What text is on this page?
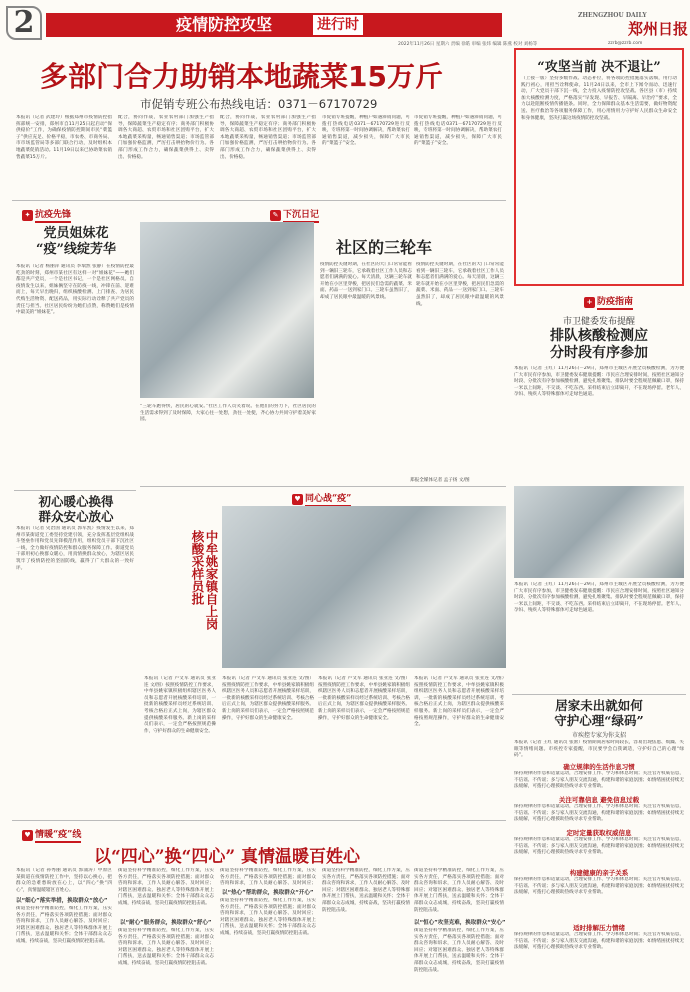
2	疫情防控攻坚	进行时
2022年11月26日 星期六 责编 徐皓 审编 张炜 编辑 陈燕 校对 刘杨等
ZHENGZHOU DAILY
郑州日报
zzrb@zzrb.com
多部门合力助销本地蔬菜15万斤
市促销专班公布热线电话：0371－67170729
本报讯（记者 武建玲）根据郑州市疫情防控指挥部统一安排，郑州市自11月25日起启动“保供稳价”工作，为确保疫情防控期间市民“菜篮子”供应充足、价格平稳，市农委、市商务局、市市场监管局等多部门联合行动，及时组织本地蔬菜促销活动。11月19日以来已协助菜农销售蔬菜15万斤。
配合，协同作战，农业农村部门加强生产指导，保障蔬菜生产稳定有序；商务部门积极协调各大商超、农贸市场和社区团购平台，扩大本地蔬菜采购量，畅通销售渠道；市场监管部门加强价格监测，严厉打击哄抬物价行为。各部门形成工作合力，确保蔬菜供得上、卖得出、价格稳。
配合，协同作战，农业农村部门加强生产指导，保障蔬菜生产稳定有序；商务部门积极协调各大商超、农贸市场和社区团购平台，扩大本地蔬菜采购量，畅通销售渠道；市场监管部门加强价格监测，严厉打击哄抬物价行为。各部门形成工作合力，确保蔬菜供得上、卖得出、价格稳。
市促销专班提醒，种植户如遇滞销问题，可拨打热线电话0371－67170729进行反映，专班将第一时间协调解决，帮助菜农打通销售渠道，减少损失，保障广大市民的“菜篮子”安全。
市促销专班提醒，种植户如遇滞销问题，可拨打热线电话0371－67170729进行反映，专班将第一时间协调解决，帮助菜农打通销售渠道，减少损失，保障广大市民的“菜篮子”安全。
✦ 抗疫先锋
党员姐妹花
“疫”线绽芳华
本报讯（记者 杨丽萍 通讯员 李瑞然 张静）在疫情防控最吃劲的时刻，郑州市某社区有这样一对“姐妹花”——她们都是共产党员，一个是社区书记，一个是社区网格员。自疫情发生以来，姐妹俩坚守在防疫一线，冲锋在前、迎难而上，每天早出晚归，组织核酸检测、上门排查、为居民代购生活物资、配送药品，用实际行动诠释了共产党员的责任与担当。社区居民纷纷为她们点赞，称赞她们是疫情中最美的“姐妹花”。
初心暖心换得
群众安心放心
本报讯（记者 史治国 通讯员 郭军凯）疫情发生以来，郑州市某街道党工委坚持党建引领，充分发挥基层党组织战斗堡垒作用和党员先锋模范作用，组织党员干部下沉社区一线，全力做好疫情防控和群众服务保障工作。街道党员干部用初心换群众暖心，用真情换群众放心，为辖区居民筑牢了疫情防控的坚固防线，赢得了广大群众的一致好评。
✎ 下沉日记
社区的三轮车
疫情防控关键时期，在社区的大门口常常能看到一辆旧三轮车，它承载着社区工作人员和志愿者们满满的爱心。每天清晨，这辆三轮车就开始在小区里穿梭，把居民们急需的蔬菜、米面、药品一一送到家门口。三轮车虽然旧了，却成了居民眼中最温暖的风景线。
疫情防控关键时期，在社区的大门口常常能看到一辆旧三轮车，它承载着社区工作人员和志愿者们满满的爱心。每天清晨，这辆三轮车就开始在小区里穿梭，把居民们急需的蔬菜、米面、药品一一送到家门口。三轮车虽然旧了，却成了居民眼中最温暖的风景线。
“三轮车跑得快，居民的心就安。”社区工作人员笑着说。在他们的努力下，社区居民的生活需求得到了及时保障，大家心往一处想，劲往一处使，齐心协力共同守护着美好家园。
郑报全媒体记者 孟子扬 文/图
♥ 同心战“疫”
中牟姚家镇自上岗
核酸采样员批
本报讯（记者 卢文军 通讯员 张亚连 文/图）按照疫情防控工作要求，中牟县姚家镇积极组织辖区医务人员和志愿者开展核酸采样培训，一批新的核酸采样员经过系统培训、考核合格后正式上岗，为辖区群众提供核酸采样服务。新上岗的采样员们表示，一定会严格按照规范操作，守护好群众的生命健康安全。
本报讯（记者 卢文军 通讯员 张亚连 文/图）按照疫情防控工作要求，中牟县姚家镇积极组织辖区医务人员和志愿者开展核酸采样培训，一批新的核酸采样员经过系统培训、考核合格后正式上岗，为辖区群众提供核酸采样服务。新上岗的采样员们表示，一定会严格按照规范操作，守护好群众的生命健康安全。
本报讯（记者 卢文军 通讯员 张亚连 文/图）按照疫情防控工作要求，中牟县姚家镇积极组织辖区医务人员和志愿者开展核酸采样培训，一批新的核酸采样员经过系统培训、考核合格后正式上岗，为辖区群众提供核酸采样服务。新上岗的采样员们表示，一定会严格按照规范操作，守护好群众的生命健康安全。
本报讯（记者 卢文军 通讯员 张亚连 文/图）按照疫情防控工作要求，中牟县姚家镇积极组织辖区医务人员和志愿者开展核酸采样培训，一批新的核酸采样员经过系统培训、考核合格后正式上岗，为辖区群众提供核酸采样服务。新上岗的采样员们表示，一定会严格按照规范操作，守护好群众的生命健康安全。
♥ 情暖“疫”线
以“四心”换“四心” 真情温暖百姓心
本报讯（记者 孙秀丽 通讯员 郭涌涛）中原区某街道在疫情防控工作中，坚持以心换心，把群众的急难愁盼放在心上，以“四心”换“四心”，真情温暖辖区百姓心。
以“细心”落实举措，换取群众“放心”
街道坚持科学精准防控，细化工作方案，压实各方责任，严格落实各项防控措施；面对群众咨询和诉求，工作人员耐心解答、及时回应；对辖区困难群众、独居老人等特殊群体开展上门帮扶，送去温暖和关怀；全体干部群众众志成城，持续奋战，坚决打赢疫情防控阻击战。
街道坚持科学精准防控，细化工作方案，压实各方责任，严格落实各项防控措施；面对群众咨询和诉求，工作人员耐心解答、及时回应；对辖区困难群众、独居老人等特殊群体开展上门帮扶，送去温暖和关怀；全体干部群众众志成城，持续奋战，坚决打赢疫情防控阻击战。
以“耐心”服务群众，换取群众“舒心”
街道坚持科学精准防控，细化工作方案，压实各方责任，严格落实各项防控措施；面对群众咨询和诉求，工作人员耐心解答、及时回应；对辖区困难群众、独居老人等特殊群体开展上门帮扶，送去温暖和关怀；全体干部群众众志成城，持续奋战，坚决打赢疫情防控阻击战。
街道坚持科学精准防控，细化工作方案，压实各方责任，严格落实各项防控措施；面对群众咨询和诉求，工作人员耐心解答、及时回应；
以“热心”帮助群众，换取群众“开心”
街道坚持科学精准防控，细化工作方案，压实各方责任，严格落实各项防控措施；面对群众咨询和诉求，工作人员耐心解答、及时回应；对辖区困难群众、独居老人等特殊群体开展上门帮扶，送去温暖和关怀；全体干部群众众志成城，持续奋战，坚决打赢疫情防控阻击战。
街道坚持科学精准防控，细化工作方案，压实各方责任，严格落实各项防控措施；面对群众咨询和诉求，工作人员耐心解答、及时回应；对辖区困难群众、独居老人等特殊群体开展上门帮扶，送去温暖和关怀；全体干部群众众志成城，持续奋战，坚决打赢疫情防控阻击战。
街道坚持科学精准防控，细化工作方案，压实各方责任，严格落实各项防控措施；面对群众咨询和诉求，工作人员耐心解答、及时回应；对辖区困难群众、独居老人等特殊群体开展上门帮扶，送去温暖和关怀；全体干部群众众志成城，持续奋战，坚决打赢疫情防控阻击战。
以“恒心”攻坚克难，换取群众“安心”
街道坚持科学精准防控，细化工作方案，压实各方责任，严格落实各项防控措施；面对群众咨询和诉求，工作人员耐心解答、及时回应；对辖区困难群众、独居老人等特殊群体开展上门帮扶，送去温暖和关怀；全体干部群众众志成城，持续奋战，坚决打赢疫情防控阻击战。
“攻坚当前 决不退让”
（上接一版）坚持多级作战、动态补位，将各项防控措施落实落细，用行动践行初心，用担当诠释使命。11月24日以来，全市上下闻令而动、迅速行动，广大党员干部下沉一线，全力投入疫情防控攻坚战。各区县（市）持续加大核酸检测力度，严格落实“早发现、早报告、早隔离、早治疗”要求，全力以赴阻断疫情传播链条。同时，全力保障群众基本生活需要，做好物资配送、医疗救治等各项服务保障工作，用心用情用力守护好人民群众生命安全和身体健康，坚决打赢这场疫情防控攻坚战。
+ 防疫指南
市卫健委发布提醒
排队核酸检测应
分时段有序参加
本报讯（记者 王红）11月26日－29日，郑州市主城区开展全员核酸检测，为方便广大市民有序参加，市卫健委发布健康提醒：市民应合理安排时间，按照社区通知分时段、分批次有序参加核酸检测，避免扎堆聚集。排队时要全程规范佩戴口罩，保持一米以上间距，不交谈、不吃东西。采样结束后立即离开，不在现场停留。老年人、孕妇、残疾人等特殊群体可走绿色通道。
本报讯（记者 王红）11月26日－29日，郑州市主城区开展全员核酸检测，为方便广大市民有序参加，市卫健委发布健康提醒：市民应合理安排时间，按照社区通知分时段、分批次有序参加核酸检测，避免扎堆聚集。排队时要全程规范佩戴口罩，保持一米以上间距，不交谈、不吃东西。采样结束后立即离开，不在现场停留。老年人、孕妇、残疾人等特殊群体可走绿色通道。
居家未出就如何
守护心理“绿码”
市疾控专家为你支招
本报讯（记者 王红 通讯员 张蕾）疫情期间居家时间较长，容易出现焦虑、烦躁、失眠等情绪问题。市疾控专家提醒，市民要学会自我调适，守护好自己的心理“绿码”。
确立规律的生活作息习惯
保持规律的作息和适量运动，合理安排工作、学习和休息时间；关注官方权威信息，不信谣、不传谣；多与家人朋友交流沟通，构建和谐的家庭氛围；如情绪困扰持续无法缓解，可拨打心理援助热线寻求专业帮助。
关注可靠信息 避免信息过载
保持规律的作息和适量运动，合理安排工作、学习和休息时间；关注官方权威信息，不信谣、不传谣；多与家人朋友交流沟通，构建和谐的家庭氛围；如情绪困扰持续无法缓解，可拨打心理援助热线寻求专业帮助。
定时定量获取权威信息
保持规律的作息和适量运动，合理安排工作、学习和休息时间；关注官方权威信息，不信谣、不传谣；多与家人朋友交流沟通，构建和谐的家庭氛围；如情绪困扰持续无法缓解，可拨打心理援助热线寻求专业帮助。
构建健康的亲子关系
保持规律的作息和适量运动，合理安排工作、学习和休息时间；关注官方权威信息，不信谣、不传谣；多与家人朋友交流沟通，构建和谐的家庭氛围；如情绪困扰持续无法缓解，可拨打心理援助热线寻求专业帮助。
适时排解压力情绪
保持规律的作息和适量运动，合理安排工作、学习和休息时间；关注官方权威信息，不信谣、不传谣；多与家人朋友交流沟通，构建和谐的家庭氛围；如情绪困扰持续无法缓解，可拨打心理援助热线寻求专业帮助。
